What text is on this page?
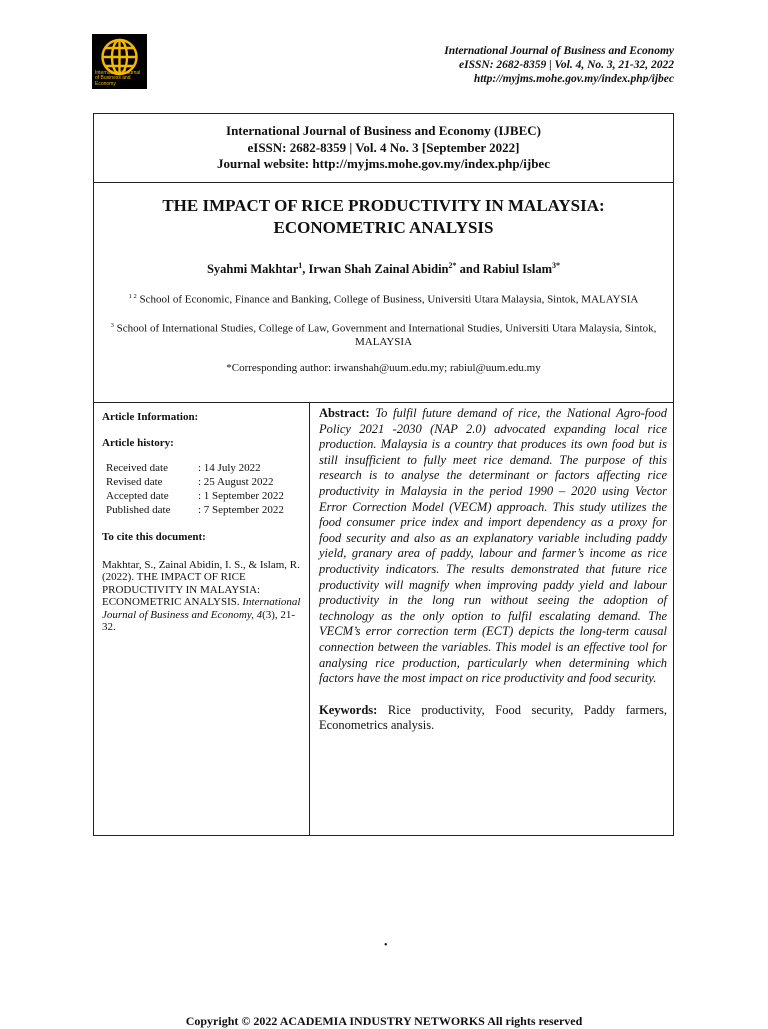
International Journal of Business and Economy
International Journal of Business and Economy
eISSN: 2682-8359 | Vol. 4, No. 3, 21-32, 2022
http://myjms.mohe.gov.my/index.php/ijbec
International Journal of Business and Economy (IJBEC)
eISSN: 2682-8359 | Vol. 4 No. 3 [September 2022]
Journal website: http://myjms.mohe.gov.my/index.php/ijbec
THE IMPACT OF RICE PRODUCTIVITY IN MALAYSIA:
ECONOMETRIC ANALYSIS
Syahmi Makhtar$^1$, Irwan Shah Zainal Abidin$^{2*}$ and Rabiul Islam$^{3*}$
$^{1 2}$ School of Economic, Finance and Banking, College of Business, Universiti Utara Malaysia, Sintok, MALAYSIA
$^3$ School of International Studies, College of Law, Government and International Studies, Universiti Utara Malaysia, Sintok, MALAYSIA
*Corresponding author: irwanshah@uum.edu.my; rabiul@uum.edu.my
Article Information:
Article history:
Received date	: 14 July 2022
Revised date	: 25 August 2022
Accepted date	: 1 September 2022
Published date	: 7 September 2022
To cite this document:
Makhtar, S., Zainal Abidin, I. S., & Islam, R. (2022). THE IMPACT OF RICE PRODUCTIVITY IN MALAYSIA: ECONOMETRIC ANALYSIS. International Journal of Business and Economy, 4(3), 21-32.
Abstract: To fulfil future demand of rice, the National Agro-food Policy 2021 -2030 (NAP 2.0) advocated expanding local rice production. Malaysia is a country that produces its own food but is still insufficient to fully meet rice demand. The purpose of this research is to analyse the determinant or factors affecting rice productivity in Malaysia in the period 1990 – 2020 using Vector Error Correction Model (VECM) approach. This study utilizes the food consumer price index and import dependency as a proxy for food security and also as an explanatory variable including paddy yield, granary area of paddy, labour and farmer’s income as rice productivity indicators. The results demonstrated that future rice productivity will magnify when improving paddy yield and labour productivity in the long run without seeing the adoption of technology as the only option to fulfil escalating demand. The VECM’s error correction term (ECT) depicts the long-term causal connection between the variables. This model is an effective tool for analysing rice production, particularly when determining which factors have the most impact on rice productivity and food security.
Keywords: Rice productivity, Food security, Paddy farmers, Econometrics analysis.
•
Copyright © 2022 ACADEMIA INDUSTRY NETWORKS All rights reserved
